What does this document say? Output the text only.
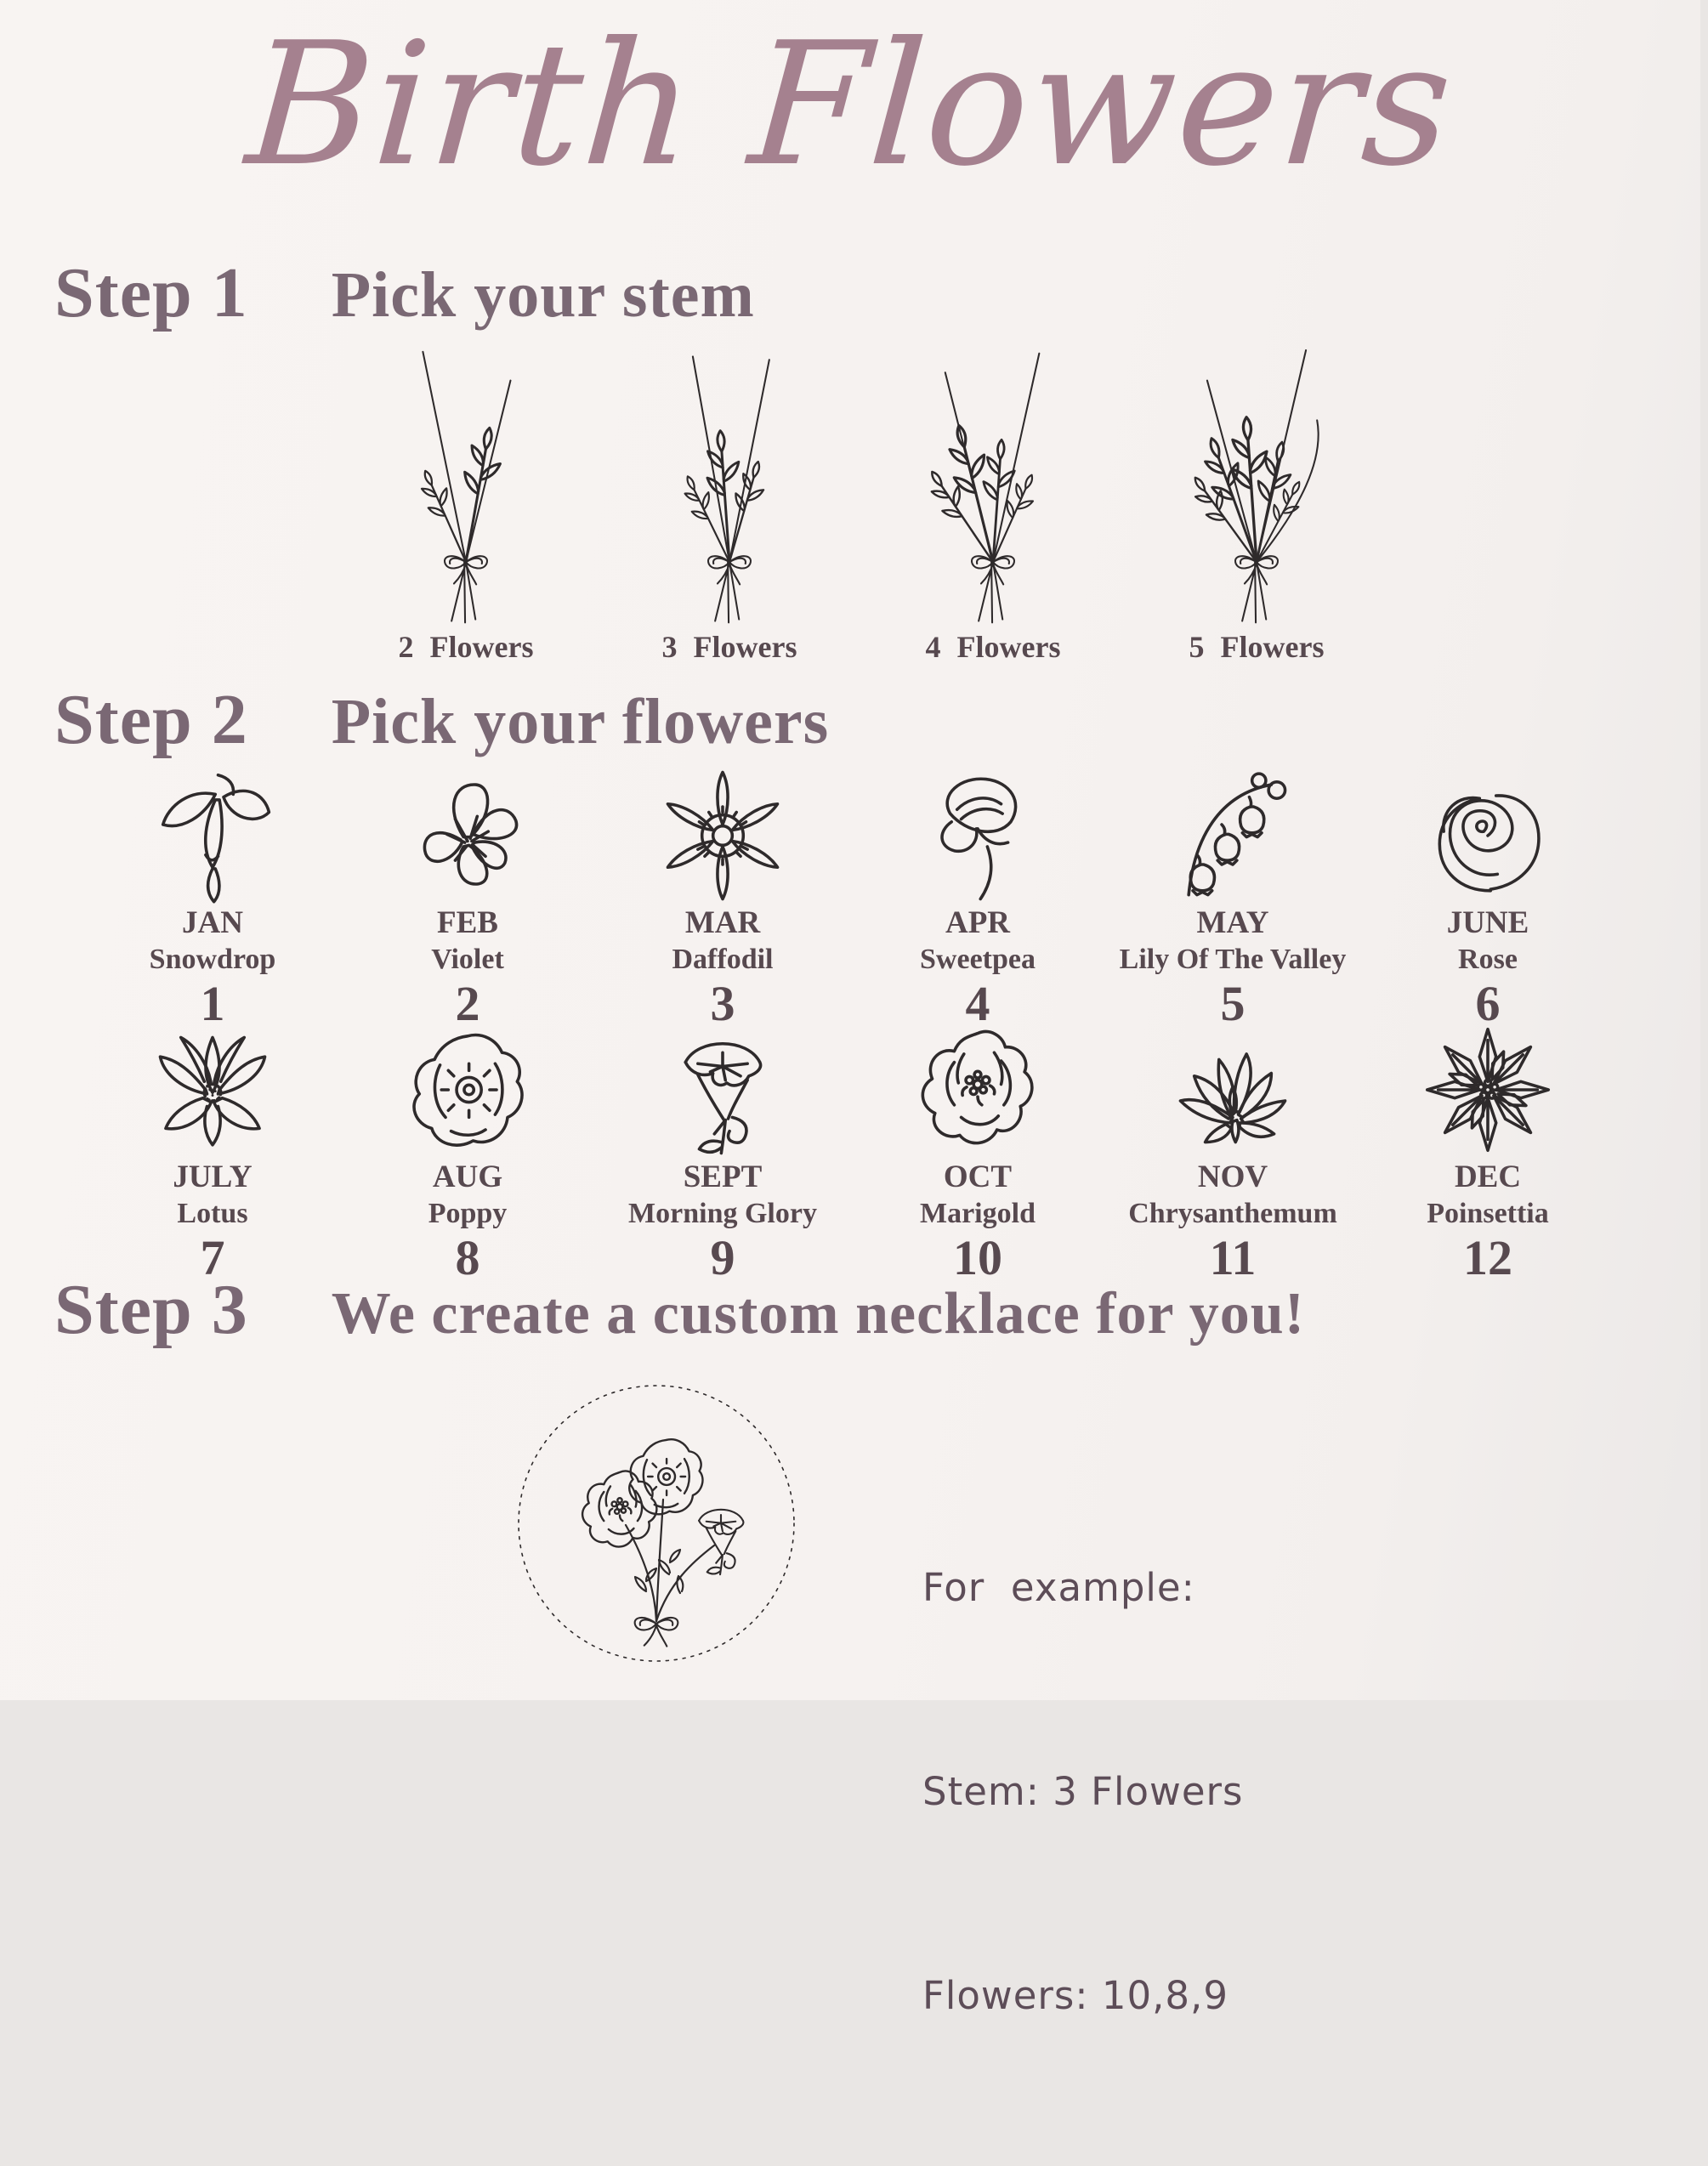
Birth Flowers
Step 1 Pick your stem
2 Flowers	3 Flowers	4 Flowers	5 Flowers
Step 2 Pick your flowers
JAN
Snowdrop
1
FEB
Violet
2
MAR
Daffodil
3
APR
Sweetpea
4
MAY
Lily Of The Valley
5
JUNE
Rose
6
JULY
Lotus
7
AUG
Poppy
8
SEPT
Morning Glory
9
OCT
Marigold
10
NOV
Chrysanthemum
11
DEC
Poinsettia
12
Step 3 We create a custom necklace for you!

For  example:

Stem: 3 Flowers

Flowers: 10,8,9
